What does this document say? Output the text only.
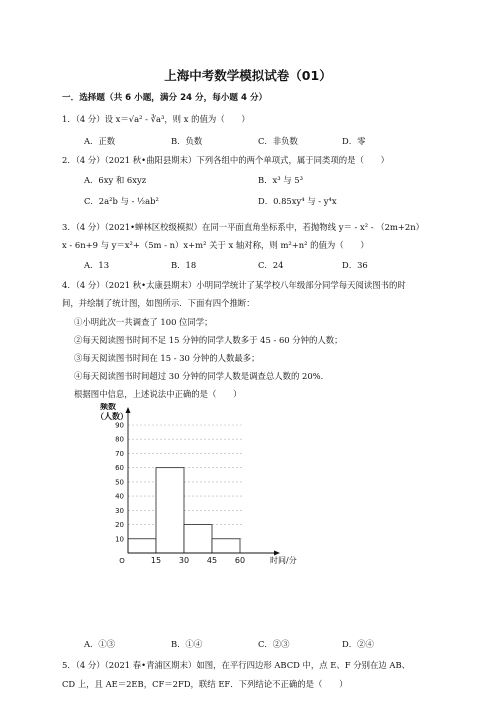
上海中考数学模拟试卷（01）
一．选择题（共 6 小题，满分 24 分，每小题 4 分）
1．（4 分）设 x＝√a² - ∛a³，则 x 的值为（　　）
A．正数	B．负数	C．非负数	D．零
2．（4 分）（2021 秋•曲阳县期末）下列各组中的两个单项式，属于同类项的是（　　）
A．6xy 和 6xyz	B．x³ 与 5³
C．2a²b 与 - ½ab²	D．0.85xy⁴ 与 - y⁴x
3．（4 分）（2021•蝉林区校级模拟）在同一平面直角坐标系中，若抛物线 y＝ - x² - （2m+2n）
x - 6n+9 与 y＝x²+（5m - n）x+m² 关于 x 轴对称，则 m²+n² 的值为（　　）
A．13	B．18	C．24	D．36
4．（4 分）（2021 秋•太康县期末）小明同学统计了某学校八年级部分同学每天阅读图书的时
间，并绘制了统计图，如图所示．下面有四个推断：
①小明此次一共调查了 100 位同学；
②每天阅读图书时间不足 15 分钟的同学人数多于 45 - 60 分钟的人数；
③每天阅读图书时间在 15 - 30 分钟的人数最多；
④每天阅读图书时间超过 30 分钟的同学人数是调查总人数的 20%．
根据图中信息，上述说法中正确的是（　　）
10
20
30
40
50
60
70
80
90
15 30 45 60
O	时间/分
频数
（人数）
A．①③	B．①④	C．②③	D．②④
5．（4 分）（2021 春•青浦区期末）如图，在平行四边形 ABCD 中，点 E、F 分别在边 AB、
CD 上，且 AE＝2EB，CF＝2FD，联结 EF．下列结论不正确的是（　　）
